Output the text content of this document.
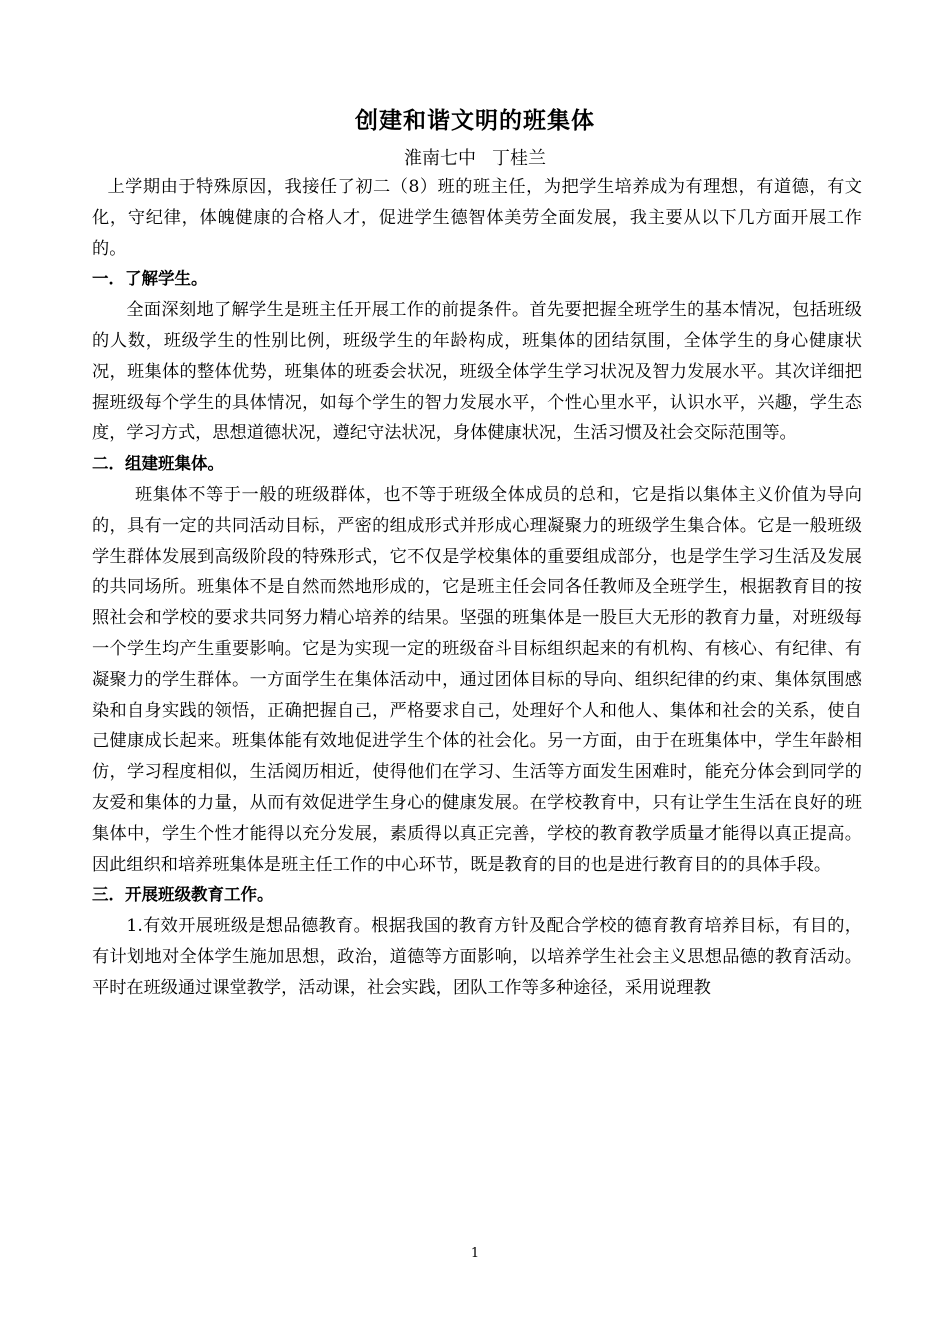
创建和谐文明的班集体
淮南七中 丁桂兰

上学期由于特殊原因，我接任了初二（8）班的班主任，为把学生培养成为有理想，有道德，有文化，守纪律，体魄健康的合格人才，促进学生德智体美劳全面发展，我主要从以下几方面开展工作的。

一．了解学生。

全面深刻地了解学生是班主任开展工作的前提条件。首先要把握全班学生的基本情况，包括班级的人数，班级学生的性别比例，班级学生的年龄构成，班集体的团结氛围，全体学生的身心健康状况，班集体的整体优势，班集体的班委会状况，班级全体学生学习状况及智力发展水平。其次详细把握班级每个学生的具体情况，如每个学生的智力发展水平，个性心里水平，认识水平，兴趣，学生态度，学习方式，思想道德状况，遵纪守法状况，身体健康状况，生活习惯及社会交际范围等。

二．组建班集体。

班集体不等于一般的班级群体，也不等于班级全体成员的总和，它是指以集体主义价值为导向的，具有一定的共同活动目标，严密的组成形式并形成心理凝聚力的班级学生集合体。它是一般班级学生群体发展到高级阶段的特殊形式，它不仅是学校集体的重要组成部分，也是学生学习生活及发展的共同场所。班集体不是自然而然地形成的，它是班主任会同各任教师及全班学生，根据教育目的按照社会和学校的要求共同努力精心培养的结果。坚强的班集体是一股巨大无形的教育力量，对班级每一个学生均产生重要影响。它是为实现一定的班级奋斗目标组织起来的有机构、有核心、有纪律、有凝聚力的学生群体。一方面学生在集体活动中，通过团体目标的导向、组织纪律的约束、集体氛围感染和自身实践的领悟，正确把握自己，严格要求自己，处理好个人和他人、集体和社会的关系，使自己健康成长起来。班集体能有效地促进学生个体的社会化。另一方面，由于在班集体中，学生年龄相仿，学习程度相似，生活阅历相近，使得他们在学习、生活等方面发生困难时，能充分体会到同学的友爱和集体的力量，从而有效促进学生身心的健康发展。在学校教育中，只有让学生生活在良好的班集体中，学生个性才能得以充分发展，素质得以真正完善，学校的教育教学质量才能得以真正提高。因此组织和培养班集体是班主任工作的中心环节，既是教育的目的也是进行教育目的的具体手段。

三．开展班级教育工作。

1.有效开展班级是想品德教育。根据我国的教育方针及配合学校的德育教育培养目标，有目的，有计划地对全体学生施加思想，政治，道德等方面影响，以培养学生社会主义思想品德的教育活动。平时在班级通过课堂教学，活动课，社会实践，团队工作等多种途径，采用说理教

1
